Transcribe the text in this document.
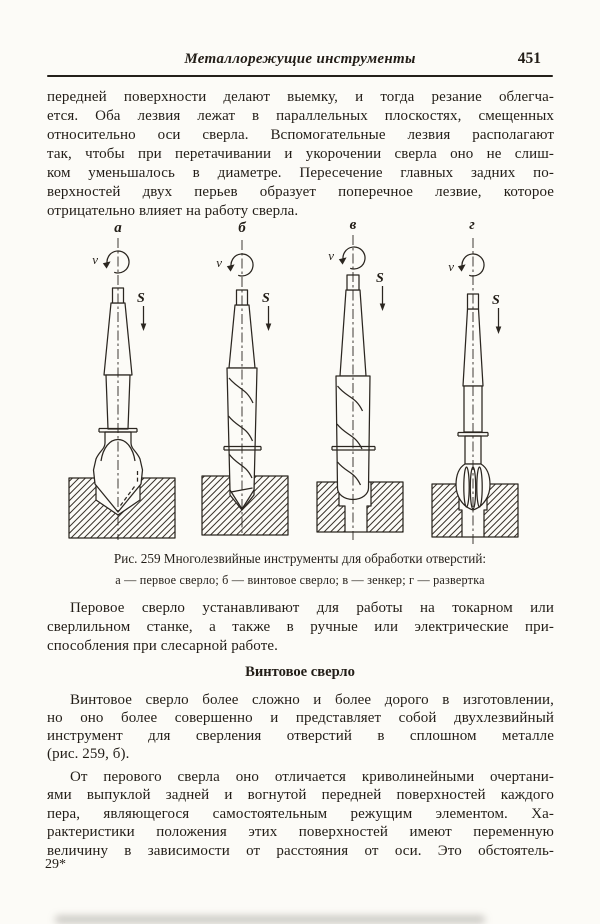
Металлорежущие инструменты	451
передней поверхности делают выемку, и тогда резание облегча-
ется. Оба лезвия лежат в параллельных плоскостях, смещенных
относительно оси сверла. Вспомогательные лезвия располагают
так, чтобы при перетачивании и укорочении сверла оно не слиш-
ком уменьшалось в диаметре. Пересечение главных задних по-
верхностей двух перьев образует поперечное лезвие, которое
отрицательно влияет на работу сверла.
а
v
S
б
v
S
в
v
S
г
v
S
Рис. 259 Многолезвийные инструменты для обработки отверстий:
а — первое сверло; б — винтовое сверло; в — зенкер; г — развертка
Перовое сверло устанавливают для работы на токарном или
сверлильном станке, а также в ручные или электрические при-
способления при слесарной работе.
Винтовое сверло
Винтовое сверло более сложно и более дорого в изготовлении,
но оно более совершенно и представляет собой двухлезвийный
инструмент для сверления отверстий в сплошном металле
(рис. 259, б).
От перового сверла оно отличается криволинейными очертани-
ями выпуклой задней и вогнутой передней поверхностей каждого
пера, являющегося самостоятельным режущим элементом. Ха-
рактеристики положения этих поверхностей имеют переменную
величину в зависимости от расстояния от оси. Это обстоятель-
29*
